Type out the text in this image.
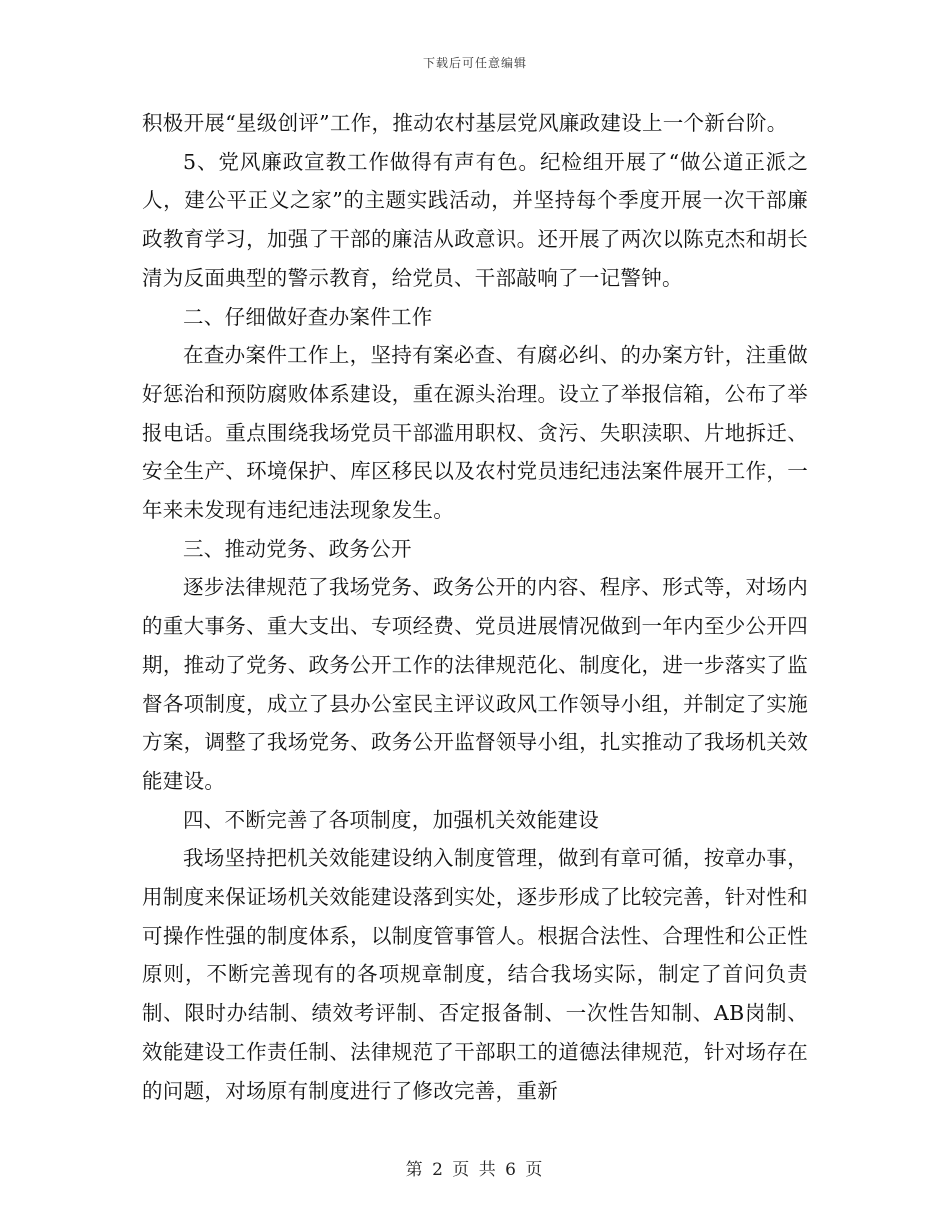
下载后可任意编辑

积极开展“星级创评”工作，推动农村基层党风廉政建设上一个新台阶。

5、党风廉政宣教工作做得有声有色。纪检组开展了“做公道正派之人，建公平正义之家”的主题实践活动，并坚持每个季度开展一次干部廉政教育学习，加强了干部的廉洁从政意识。还开展了两次以陈克杰和胡长清为反面典型的警示教育，给党员、干部敲响了一记警钟。

二、仔细做好查办案件工作

在查办案件工作上，坚持有案必查、有腐必纠、的办案方针，注重做好惩治和预防腐败体系建设，重在源头治理。设立了举报信箱，公布了举报电话。重点围绕我场党员干部滥用职权、贪污、失职渎职、片地拆迁、安全生产、环境保护、库区移民以及农村党员违纪违法案件展开工作，一年来未发现有违纪违法现象发生。

三、推动党务、政务公开

逐步法律规范了我场党务、政务公开的内容、程序、形式等，对场内的重大事务、重大支出、专项经费、党员进展情况做到一年内至少公开四期，推动了党务、政务公开工作的法律规范化、制度化，进一步落实了监督各项制度，成立了县办公室民主评议政风工作领导小组，并制定了实施方案，调整了我场党务、政务公开监督领导小组，扎实推动了我场机关效能建设。

四、不断完善了各项制度，加强机关效能建设

我场坚持把机关效能建设纳入制度管理，做到有章可循，按章办事，用制度来保证场机关效能建设落到实处，逐步形成了比较完善，针对性和可操作性强的制度体系，以制度管事管人。根据合法性、合理性和公正性原则，不断完善现有的各项规章制度，结合我场实际，制定了首问负责制、限时办结制、绩效考评制、否定报备制、一次性告知制、AB岗制、效能建设工作责任制、法律规范了干部职工的道德法律规范，针对场存在的问题，对场原有制度进行了修改完善，重新

第 2 页 共 6 页
